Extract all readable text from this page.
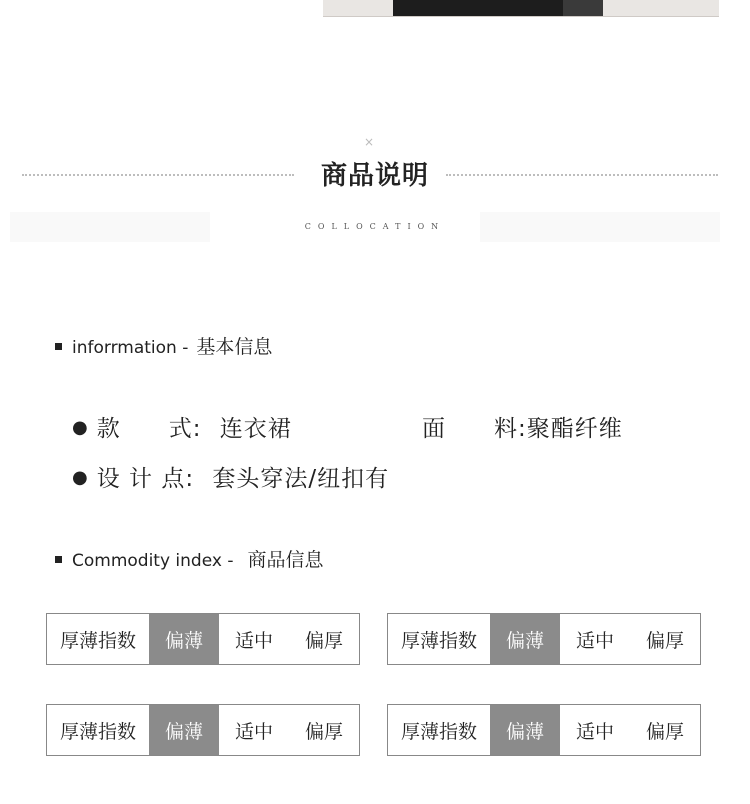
×
商品说明
COLLOCATION
inforrmation - 基本信息
● 款　　式: 连衣裙	面　　料:聚酯纤维
● 设 计 点: 套头穿法/纽扣有
Commodity index - 商品信息
厚薄指数	偏薄	适中	偏厚	厚薄指数	偏薄	适中	偏厚
厚薄指数	偏薄	适中	偏厚	厚薄指数	偏薄	适中	偏厚
